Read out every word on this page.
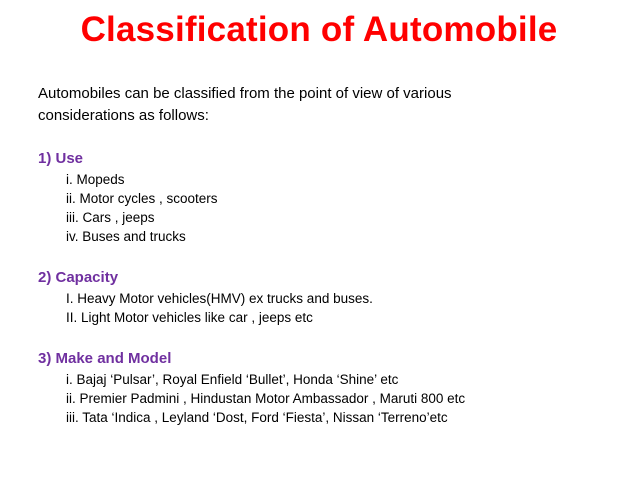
Classification of Automobile
Automobiles can be classified from the point of view of various
considerations as follows:
1) Use
i. Mopeds
ii. Motor cycles , scooters
iii. Cars , jeeps
iv. Buses and trucks
2) Capacity
I. Heavy Motor vehicles(HMV) ex trucks and buses.
II. Light Motor vehicles like car , jeeps etc
3) Make and Model
i. Bajaj ‘Pulsar’, Royal Enfield ‘Bullet’, Honda ‘Shine’ etc
ii. Premier Padmini , Hindustan Motor Ambassador , Maruti 800 etc
iii. Tata ‘Indica , Leyland ‘Dost, Ford ‘Fiesta’, Nissan ‘Terreno’etc
